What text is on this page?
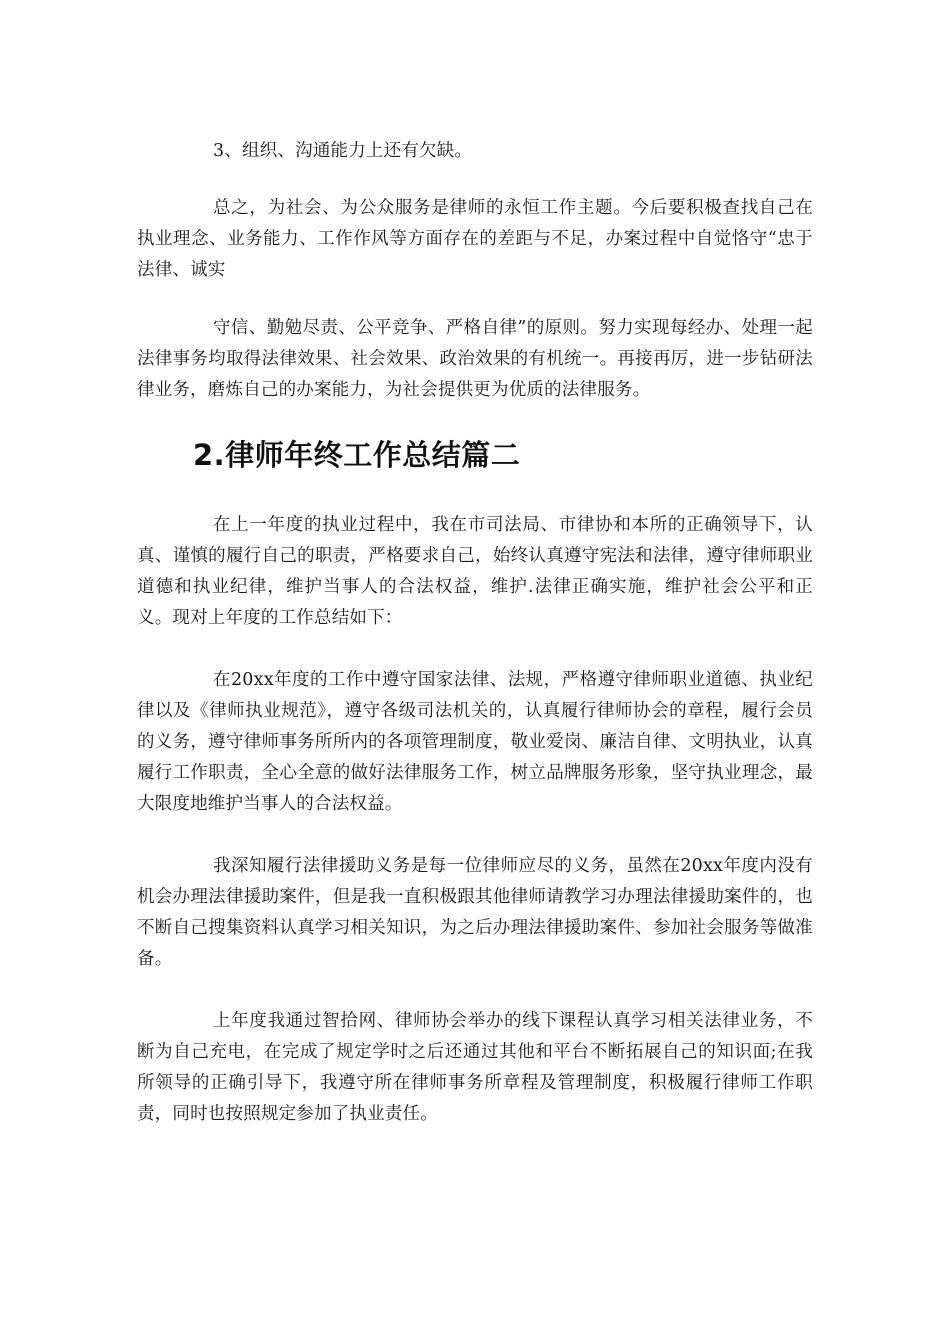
3、组织、沟通能力上还有欠缺。

总之，为社会、为公众服务是律师的永恒工作主题。今后要积极查找自己在执业理念、业务能力、工作作风等方面存在的差距与不足，办案过程中自觉恪守“忠于法律、诚实

守信、勤勉尽责、公平竞争、严格自律”的原则。努力实现每经办、处理一起法律事务均取得法律效果、社会效果、政治效果的有机统一。再接再厉，进一步钻研法律业务，磨炼自己的办案能力，为社会提供更为优质的法律服务。

2.律师年终工作总结篇二

在上一年度的执业过程中，我在市司法局、市律协和本所的正确领导下，认真、谨慎的履行自己的职责，严格要求自己，始终认真遵守宪法和法律，遵守律师职业道德和执业纪律，维护当事人的合法权益，维护.法律正确实施，维护社会公平和正义。现对上年度的工作总结如下：

在20xx年度的工作中遵守国家法律、法规，严格遵守律师职业道德、执业纪律以及《律师执业规范》，遵守各级司法机关的，认真履行律师协会的章程，履行会员的义务，遵守律师事务所所内的各项管理制度，敬业爱岗、廉洁自律、文明执业，认真履行工作职责，全心全意的做好法律服务工作，树立品牌服务形象，坚守执业理念，最大限度地维护当事人的合法权益。

我深知履行法律援助义务是每一位律师应尽的义务，虽然在20xx年度内没有机会办理法律援助案件，但是我一直积极跟其他律师请教学习办理法律援助案件的，也不断自己搜集资料认真学习相关知识，为之后办理法律援助案件、参加社会服务等做准备。

上年度我通过智拾网、律师协会举办的线下课程认真学习相关法律业务，不断为自己充电，在完成了规定学时之后还通过其他和平台不断拓展自己的知识面;在我所领导的正确引导下，我遵守所在律师事务所章程及管理制度，积极履行律师工作职责，同时也按照规定参加了执业责任。
